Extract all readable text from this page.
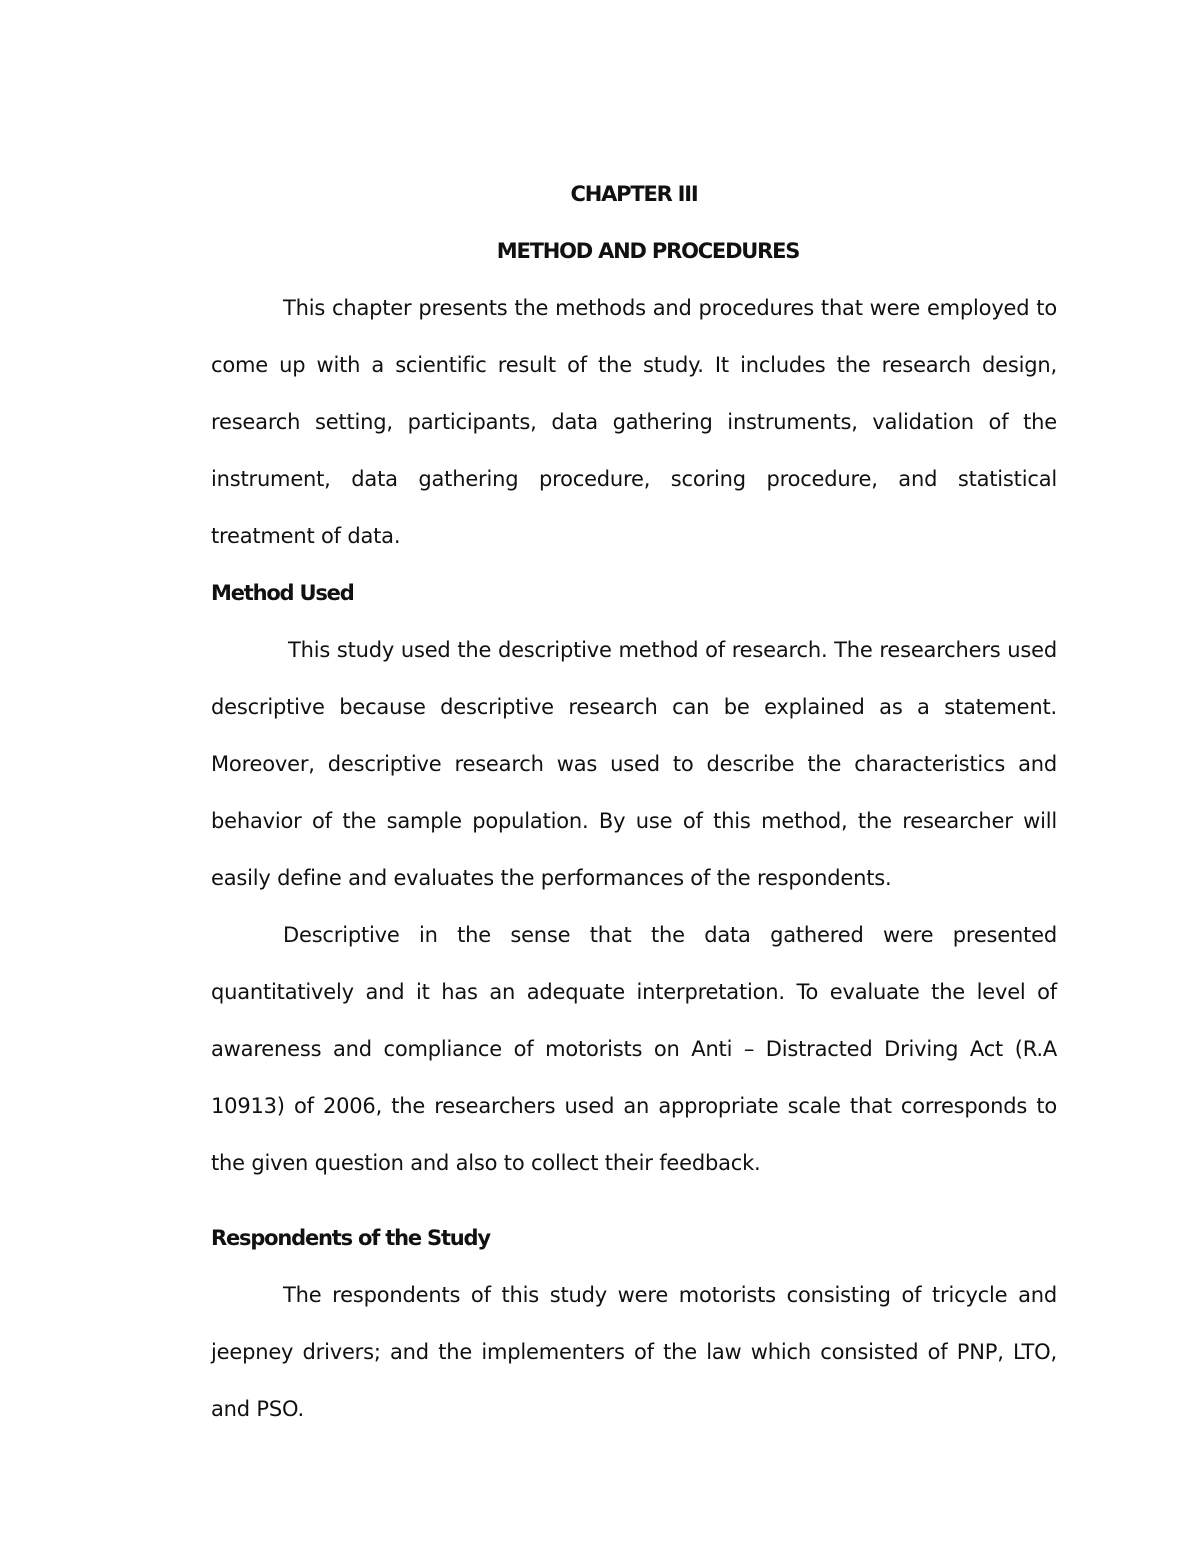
CHAPTER III
METHOD AND PROCEDURES

This chapter presents the methods and procedures that were employed to come up with a scientific result of the study. It includes the research design, research setting, participants, data gathering instruments, validation of the instrument, data gathering procedure, scoring procedure, and statistical treatment of data.

Method Used

This study used the descriptive method of research. The researchers used descriptive because descriptive research can be explained as a statement. Moreover, descriptive research was used to describe the characteristics and behavior of the sample population. By use of this method, the researcher will easily define and evaluates the performances of the respondents.

Descriptive in the sense that the data gathered were presented quantitatively and it has an adequate interpretation. To evaluate the level of awareness and compliance of motorists on Anti – Distracted Driving Act (R.A 10913) of 2006, the researchers used an appropriate scale that corresponds to the given question and also to collect their feedback.

Respondents of the Study

The respondents of this study were motorists consisting of tricycle and jeepney drivers; and the implementers of the law which consisted of PNP, LTO, and PSO.
